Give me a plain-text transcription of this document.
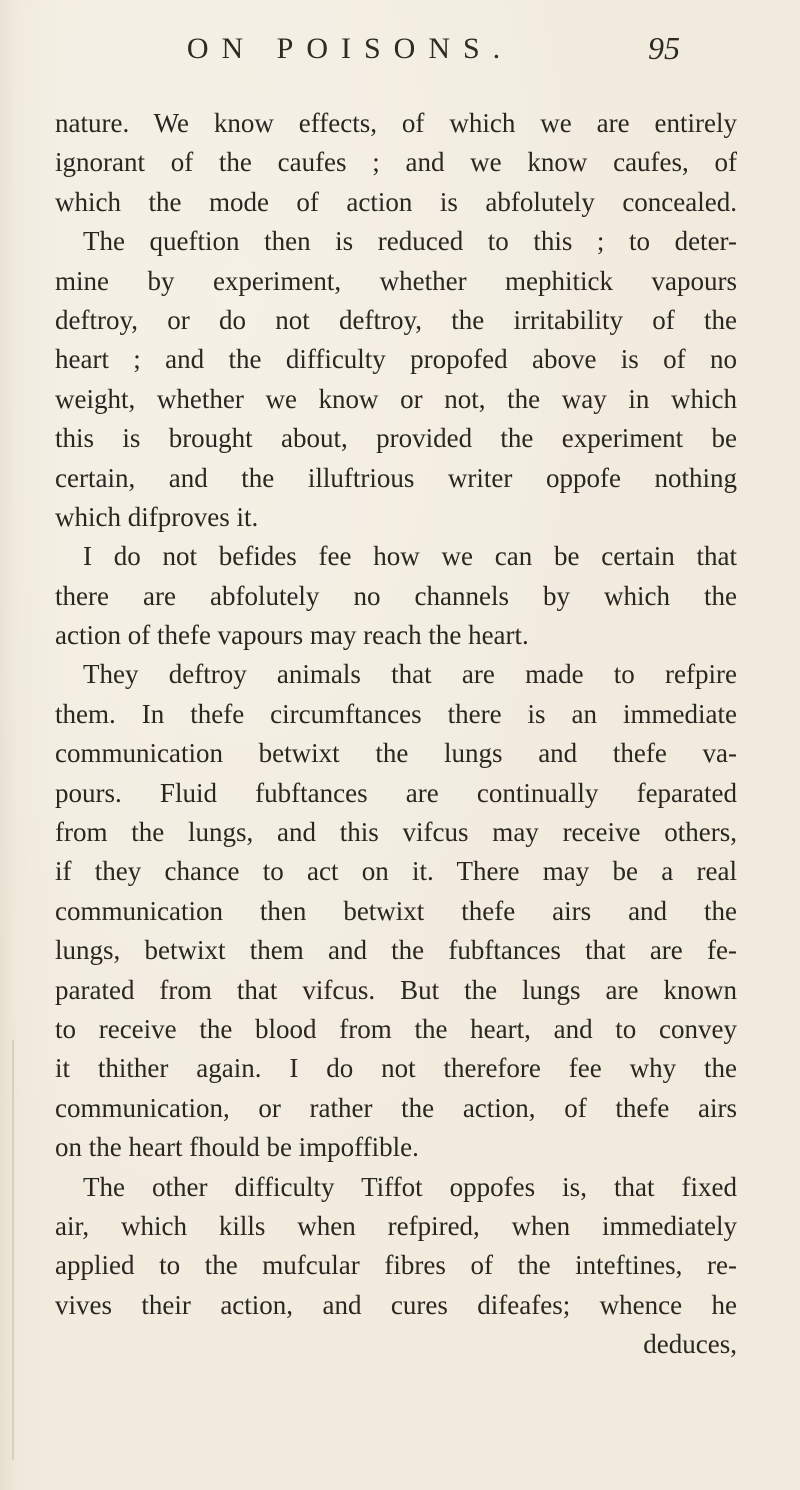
ON POISONS.	95
nature. We know effects, of which we are entirely
ignorant of the caufes ; and we know caufes, of
which the mode of action is abfolutely concealed.
The queftion then is reduced to this ; to deter-
mine by experiment, whether mephitick vapours
deftroy, or do not deftroy, the irritability of the
heart ; and the difficulty propofed above is of no
weight, whether we know or not, the way in which
this is brought about, provided the experiment be
certain, and the illuftrious writer oppofe nothing
which difproves it.
I do not befides fee how we can be certain that
there are abfolutely no channels by which the
action of thefe vapours may reach the heart.
They deftroy animals that are made to refpire
them. In thefe circumftances there is an immediate
communication betwixt the lungs and thefe va-
pours. Fluid fubftances are continually feparated
from the lungs, and this vifcus may receive others,
if they chance to act on it. There may be a real
communication then betwixt thefe airs and the
lungs, betwixt them and the fubftances that are fe-
parated from that vifcus. But the lungs are known
to receive the blood from the heart, and to convey
it thither again. I do not therefore fee why the
communication, or rather the action, of thefe airs
on the heart fhould be impoffible.
The other difficulty Tiffot oppofes is, that fixed
air, which kills when refpired, when immediately
applied to the mufcular fibres of the inteftines, re-
vives their action, and cures difeafes; whence he
deduces,
